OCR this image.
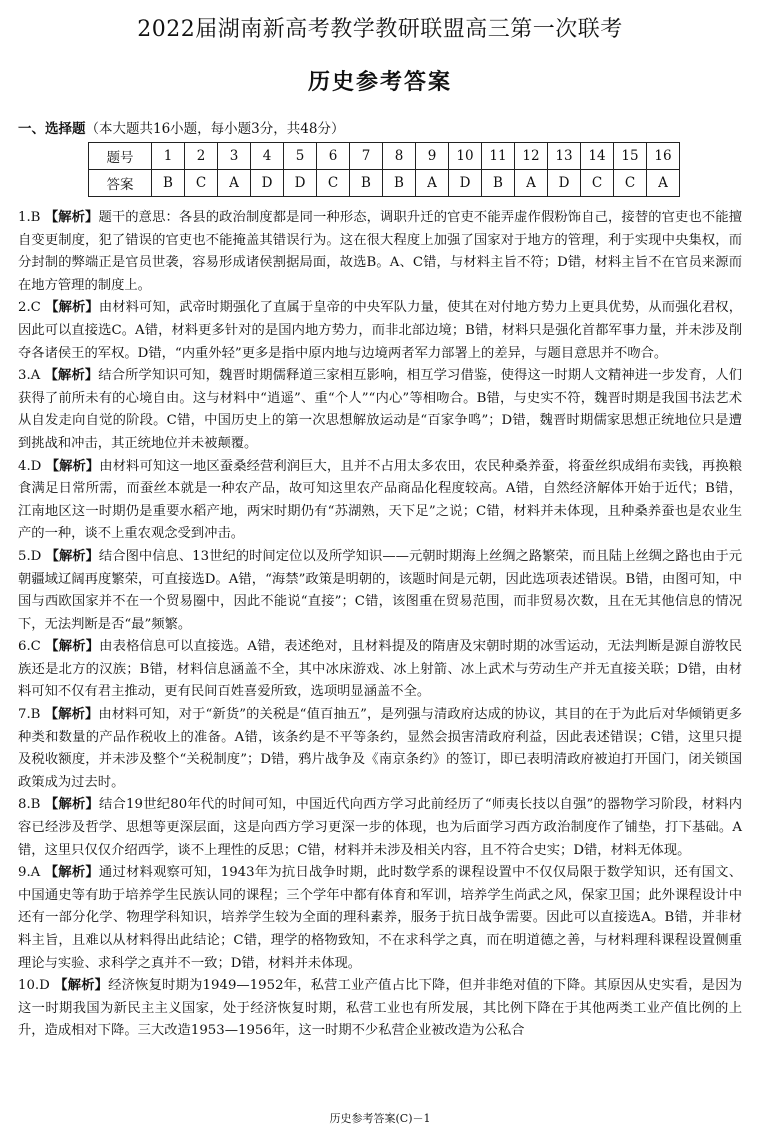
2022届湖南新高考教学教研联盟高三第一次联考
历史参考答案
一、选择题（本大题共16小题，每小题3分，共48分）
题号	1	2	3	4	5	6	7	8	9	10	11	12	13	14	15	16
答案	B	C	A	D	D	C	B	B	A	D	B	A	D	C	C	A

1.B 【解析】题干的意思：各县的政治制度都是同一种形态，调职升迁的官吏不能弄虚作假粉饰自己，接替的官吏也不能擅自变更制度，犯了错误的官吏也不能掩盖其错误行为。这在很大程度上加强了国家对于地方的管理，利于实现中央集权，而分封制的弊端正是官员世袭，容易形成诸侯割据局面，故选B。A、C错，与材料主旨不符；D错，材料主旨不在官员来源而在地方管理的制度上。

2.C 【解析】由材料可知，武帝时期强化了直属于皇帝的中央军队力量，使其在对付地方势力上更具优势，从而强化君权，因此可以直接选C。A错，材料更多针对的是国内地方势力，而非北部边境；B错，材料只是强化首都军事力量，并未涉及削夺各诸侯王的军权。D错，“内重外轻”更多是指中原内地与边境两者军力部署上的差异，与题目意思并不吻合。

3.A 【解析】结合所学知识可知，魏晋时期儒释道三家相互影响，相互学习借鉴，使得这一时期人文精神进一步发育，人们获得了前所未有的心境自由。这与材料中“逍遥”、重“个人”“内心”等相吻合。B错，与史实不符，魏晋时期是我国书法艺术从自发走向自觉的阶段。C错，中国历史上的第一次思想解放运动是“百家争鸣”；D错，魏晋时期儒家思想正统地位只是遭到挑战和冲击，其正统地位并未被颠覆。

4.D 【解析】由材料可知这一地区蚕桑经营利润巨大，且并不占用太多农田，农民种桑养蚕，将蚕丝织成绢布卖钱，再换粮食满足日常所需，而蚕丝本就是一种农产品，故可知这里农产品商品化程度较高。A错，自然经济解体开始于近代；B错，江南地区这一时期仍是重要水稻产地，两宋时期仍有“苏湖熟，天下足”之说；C错，材料并未体现，且种桑养蚕也是农业生产的一种，谈不上重农观念受到冲击。

5.D 【解析】结合图中信息、13世纪的时间定位以及所学知识——元朝时期海上丝绸之路繁荣，而且陆上丝绸之路也由于元朝疆域辽阔再度繁荣，可直接选D。A错，“海禁”政策是明朝的，该题时间是元朝，因此选项表述错误。B错，由图可知，中国与西欧国家并不在一个贸易圈中，因此不能说“直接”；C错，该图重在贸易范围，而非贸易次数，且在无其他信息的情况下，无法判断是否“最”频繁。

6.C 【解析】由表格信息可以直接选。A错，表述绝对，且材料提及的隋唐及宋朝时期的冰雪运动，无法判断是源自游牧民族还是北方的汉族；B错，材料信息涵盖不全，其中冰床游戏、冰上射箭、冰上武术与劳动生产并无直接关联；D错，由材料可知不仅有君主推动，更有民间百姓喜爱所致，选项明显涵盖不全。

7.B 【解析】由材料可知，对于“新货”的关税是“值百抽五”，是列强与清政府达成的协议，其目的在于为此后对华倾销更多种类和数量的产品作税收上的准备。A错，该条约是不平等条约，显然会损害清政府利益，因此表述错误；C错，这里只提及税收额度，并未涉及整个“关税制度”；D错，鸦片战争及《南京条约》的签订，即已表明清政府被迫打开国门，闭关锁国政策成为过去时。

8.B 【解析】结合19世纪80年代的时间可知，中国近代向西方学习此前经历了“师夷长技以自强”的器物学习阶段，材料内容已经涉及哲学、思想等更深层面，这是向西方学习更深一步的体现，也为后面学习西方政治制度作了铺垫，打下基础。A错，这里只仅仅介绍西学，谈不上理性的反思；C错，材料并未涉及相关内容，且不符合史实；D错，材料无体现。

9.A 【解析】通过材料观察可知，1943年为抗日战争时期，此时数学系的课程设置中不仅仅局限于数学知识，还有国文、中国通史等有助于培养学生民族认同的课程；三个学年中都有体育和军训，培养学生尚武之风，保家卫国；此外课程设计中还有一部分化学、物理学科知识，培养学生较为全面的理科素养，服务于抗日战争需要。因此可以直接选A。B错，并非材料主旨，且难以从材料得出此结论；C错，理学的格物致知，不在求科学之真，而在明道德之善，与材料理科课程设置侧重理论与实验、求科学之真并不一致；D错，材料并未体现。

10.D 【解析】经济恢复时期为1949—1952年，私营工业产值占比下降，但并非绝对值的下降。其原因从史实看，是因为这一时期我国为新民主主义国家，处于经济恢复时期，私营工业也有所发展，其比例下降在于其他两类工业产值比例的上升，造成相对下降。三大改造1953—1956年，这一时期不少私营企业被改造为公私合

历史参考答案(C)－1
